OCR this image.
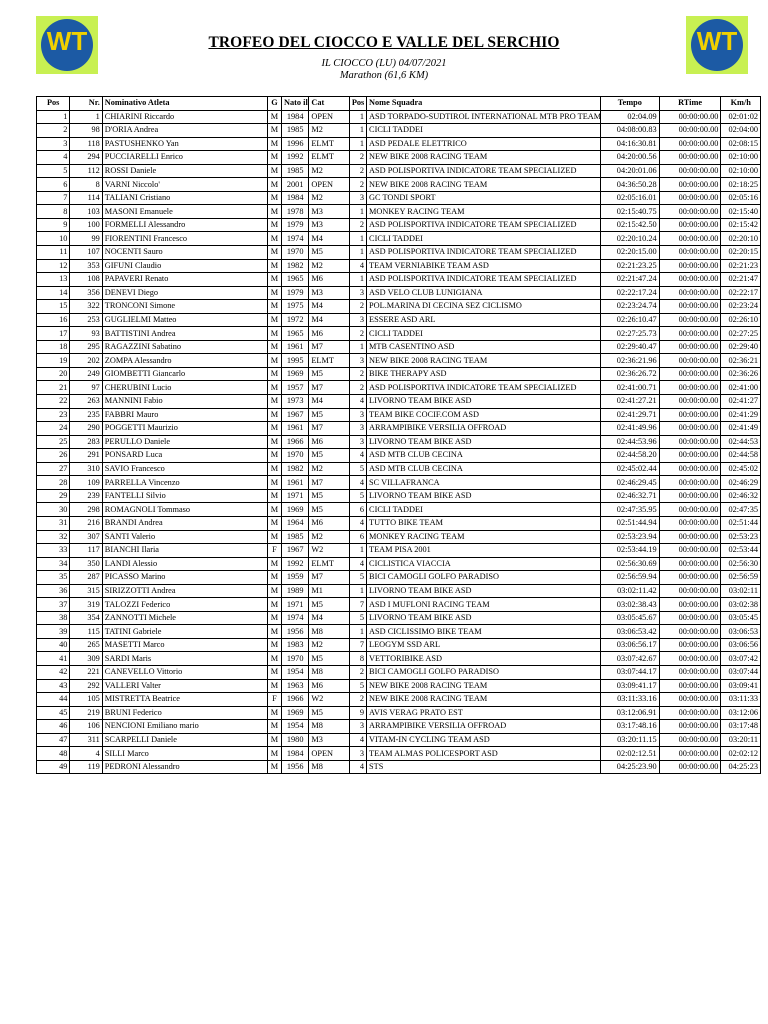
WT	WT
TROFEO DEL CIOCCO E VALLE DEL SERCHIO
IL CIOCCO (LU) 04/07/2021
Marathon (61,6 KM)
Pos	Nr.	Nominativo Atleta	G	Nato il	Cat	Pos	Nome Squadra	Tempo	RTime	Km/h
1	1	CHIARINI Riccardo	M	1984	OPEN	1	ASD TORPADO-SUDTIROL INTERNATIONAL MTB PRO TEAM	02:04.09	00:00:00.00	02:01:02
2	98	D'ORIA Andrea	M	1985	M2	1	CICLI TADDEI	04:08:00.83	00:00:00.00	02:04:00
3	118	PASTUSHENKO Yan	M	1996	ELMT	1	ASD PEDALE ELETTRICO	04:16:30.81	00:00:00.00	02:08:15
4	294	PUCCIARELLI Enrico	M	1992	ELMT	2	NEW BIKE 2008 RACING TEAM	04:20:00.56	00:00:00.00	02:10:00
5	112	ROSSI Daniele	M	1985	M2	2	ASD POLISPORTIVA INDICATORE TEAM SPECIALIZED	04:20:01.06	00:00:00.00	02:10:00
6	8	VARNI Niccolo'	M	2001	OPEN	2	NEW BIKE 2008 RACING TEAM	04:36:50.28	00:00:00.00	02:18:25
7	114	TALIANI Cristiano	M	1984	M2	3	GC TONDI SPORT	02:05:16.01	00:00:00.00	02:05:16
8	103	MASONI Emanuele	M	1978	M3	1	MONKEY RACING TEAM	02:15:40.75	00:00:00.00	02:15:40
9	100	FORMELLI Alessandro	M	1979	M3	2	ASD POLISPORTIVA INDICATORE TEAM SPECIALIZED	02:15:42.50	00:00:00.00	02:15:42
10	99	FIORENTINI Francesco	M	1974	M4	1	CICLI TADDEI	02:20:10.24	00:00:00.00	02:20:10
11	107	NOCENTI Sauro	M	1970	M5	1	ASD POLISPORTIVA INDICATORE TEAM SPECIALIZED	02:20:15.00	00:00:00.00	02:20:15
12	353	GIFUNI Claudio	M	1982	M2	4	TEAM VERNIABIKE TEAM ASD	02:21:23.25	00:00:00.00	02:21:23
13	108	PAPAVERI Renato	M	1965	M6	1	ASD POLISPORTIVA INDICATORE TEAM SPECIALIZED	02:21:47.24	00:00:00.00	02:21:47
14	356	DENEVI Diego	M	1979	M3	3	ASD VELO CLUB LUNIGIANA	02:22:17.24	00:00:00.00	02:22:17
15	322	TRONCONI Simone	M	1975	M4	2	POL.MARINA DI CECINA SEZ CICLISMO	02:23:24.74	00:00:00.00	02:23:24
16	253	GUGLIELMI Matteo	M	1972	M4	3	ESSERE ASD ARL	02:26:10.47	00:00:00.00	02:26:10
17	93	BATTISTINI Andrea	M	1965	M6	2	CICLI TADDEI	02:27:25.73	00:00:00.00	02:27:25
18	295	RAGAZZINI Sabatino	M	1961	M7	1	MTB CASENTINO ASD	02:29:40.47	00:00:00.00	02:29:40
19	202	ZOMPA Alessandro	M	1995	ELMT	3	NEW BIKE 2008 RACING TEAM	02:36:21.96	00:00:00.00	02:36:21
20	249	GIOMBETTI Giancarlo	M	1969	M5	2	BIKE THERAPY ASD	02:36:26.72	00:00:00.00	02:36:26
21	97	CHERUBINI Lucio	M	1957	M7	2	ASD POLISPORTIVA INDICATORE TEAM SPECIALIZED	02:41:00.71	00:00:00.00	02:41:00
22	263	MANNINI Fabio	M	1973	M4	4	LIVORNO TEAM BIKE ASD	02:41:27.21	00:00:00.00	02:41:27
23	235	FABBRI Mauro	M	1967	M5	3	TEAM BIKE COCIF.COM ASD	02:41:29.71	00:00:00.00	02:41:29
24	290	POGGETTI Maurizio	M	1961	M7	3	ARRAMPIBIKE VERSILIA OFFROAD	02:41:49.96	00:00:00.00	02:41:49
25	283	PERULLO Daniele	M	1966	M6	3	LIVORNO TEAM BIKE ASD	02:44:53.96	00:00:00.00	02:44:53
26	291	PONSARD Luca	M	1970	M5	4	ASD MTB CLUB CECINA	02:44:58.20	00:00:00.00	02:44:58
27	310	SAVIO Francesco	M	1982	M2	5	ASD MTB CLUB CECINA	02:45:02.44	00:00:00.00	02:45:02
28	109	PARRELLA Vincenzo	M	1961	M7	4	SC VILLAFRANCA	02:46:29.45	00:00:00.00	02:46:29
29	239	FANTELLI Silvio	M	1971	M5	5	LIVORNO TEAM BIKE ASD	02:46:32.71	00:00:00.00	02:46:32
30	298	ROMAGNOLI Tommaso	M	1969	M5	6	CICLI TADDEI	02:47:35.95	00:00:00.00	02:47:35
31	216	BRANDI Andrea	M	1964	M6	4	TUTTO BIKE TEAM	02:51:44.94	00:00:00.00	02:51:44
32	307	SANTI Valerio	M	1985	M2	6	MONKEY RACING TEAM	02:53:23.94	00:00:00.00	02:53:23
33	117	BIANCHI Ilaria	F	1967	W2	1	TEAM PISA 2001	02:53:44.19	00:00:00.00	02:53:44
34	350	LANDI Alessio	M	1992	ELMT	4	CICLISTICA VIACCIA	02:56:30.69	00:00:00.00	02:56:30
35	287	PICASSO Marino	M	1959	M7	5	BICI CAMOGLI GOLFO PARADISO	02:56:59.94	00:00:00.00	02:56:59
36	315	SIRIZZOTTI Andrea	M	1989	M1	1	LIVORNO TEAM BIKE ASD	03:02:11.42	00:00:00.00	03:02:11
37	319	TALOZZI Federico	M	1971	M5	7	ASD I MUFLONI RACING TEAM	03:02:38.43	00:00:00.00	03:02:38
38	354	ZANNOTTI Michele	M	1974	M4	5	LIVORNO TEAM BIKE ASD	03:05:45.67	00:00:00.00	03:05:45
39	115	TATINI Gabriele	M	1956	M8	1	ASD CICLISSIMO BIKE TEAM	03:06:53.42	00:00:00.00	03:06:53
40	265	MASETTI Marco	M	1983	M2	7	LEOGYM SSD ARL	03:06:56.17	00:00:00.00	03:06:56
41	309	SARDI Maris	M	1970	M5	8	VETTORIBIKE ASD	03:07:42.67	00:00:00.00	03:07:42
42	221	CANEVELLO Vittorio	M	1954	M8	2	BICI CAMOGLI GOLFO PARADISO	03:07:44.17	00:00:00.00	03:07:44
43	292	VALLERI Valter	M	1963	M6	5	NEW BIKE 2008 RACING TEAM	03:09:41.17	00:00:00.00	03:09:41
44	105	MISTRETTA Beatrice	F	1966	W2	2	NEW BIKE 2008 RACING TEAM	03:11:33.16	00:00:00.00	03:11:33
45	219	BRUNI Federico	M	1969	M5	9	AVIS VERAG PRATO EST	03:12:06.91	00:00:00.00	03:12:06
46	106	NENCIONI Emiliano mario	M	1954	M8	3	ARRAMPIBIKE VERSILIA OFFROAD	03:17:48.16	00:00:00.00	03:17:48
47	311	SCARPELLI Daniele	M	1980	M3	4	VITAM-IN CYCLING TEAM ASD	03:20:11.15	00:00:00.00	03:20:11
48	4	SILLI Marco	M	1984	OPEN	3	TEAM ALMAS POLICESPORT ASD	02:02:12.51	00:00:00.00	02:02:12
49	119	PEDRONI Alessandro	M	1956	M8	4	STS	04:25:23.90	00:00:00.00	04:25:23
